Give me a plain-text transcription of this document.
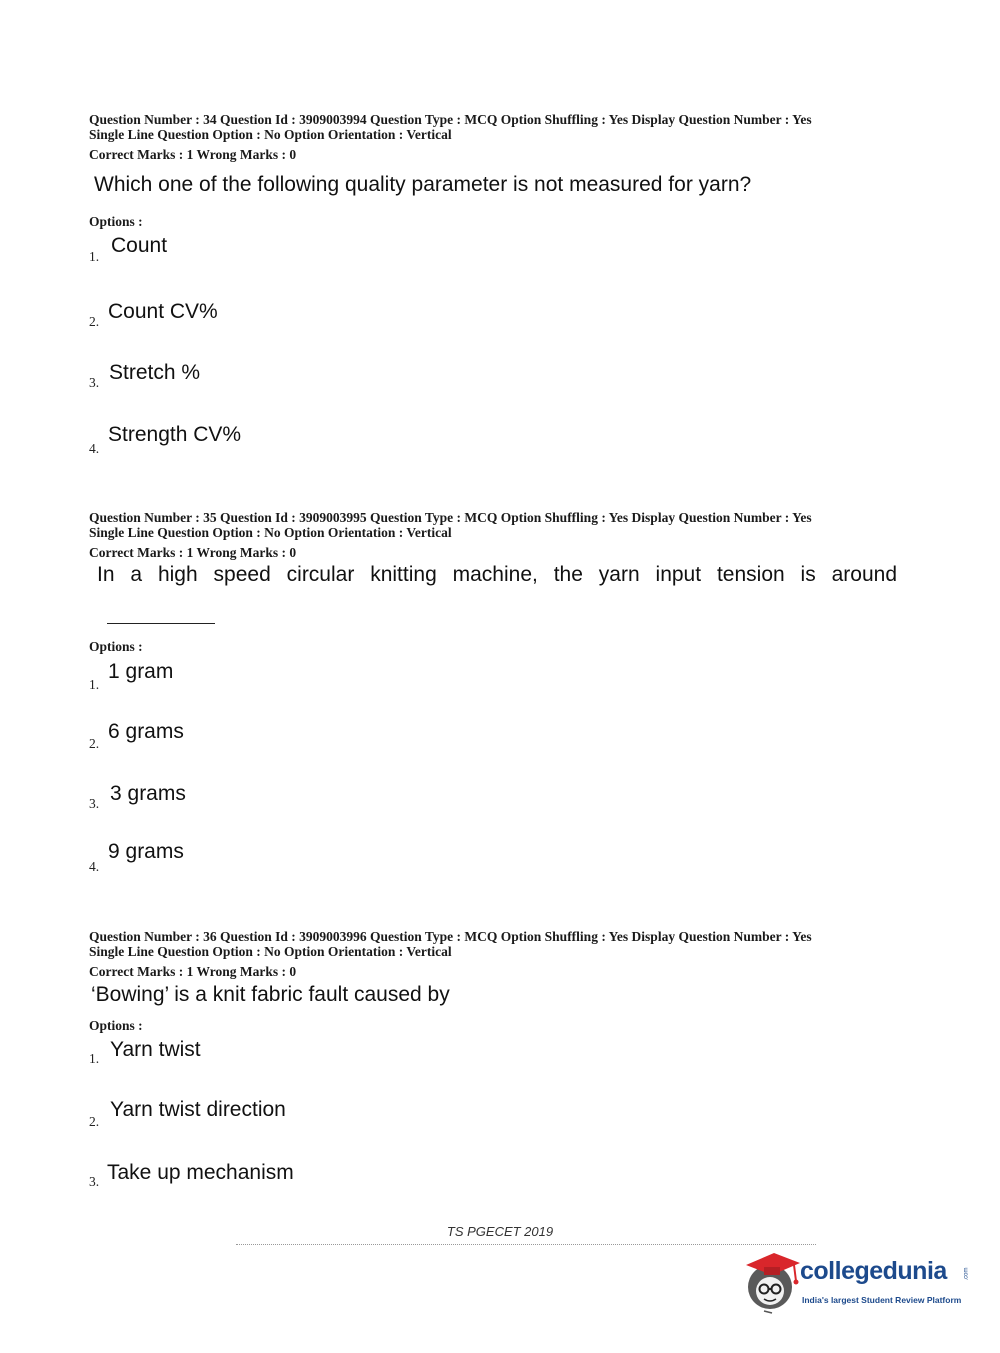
Question Number : 34 Question Id : 3909003994 Question Type : MCQ Option Shuffling : Yes Display Question Number : Yes
Single Line Question Option : No Option Orientation : Vertical
Correct Marks : 1 Wrong Marks : 0
Which one of the following quality parameter is not measured for yarn?
Options :
1. Count
2. Count CV%
3. Stretch %
4.
Strength CV%
Question Number : 35 Question Id : 3909003995 Question Type : MCQ Option Shuffling : Yes Display Question Number : Yes
Single Line Question Option : No Option Orientation : Vertical
Correct Marks : 1 Wrong Marks : 0
In a high speed circular knitting machine, the yarn input tension is around
Options :
1.
1 gram
2.
6 grams
3. 3 grams
4.
9 grams
Question Number : 36 Question Id : 3909003996 Question Type : MCQ Option Shuffling : Yes Display Question Number : Yes
Single Line Question Option : No Option Orientation : Vertical
Correct Marks : 1 Wrong Marks : 0
‘Bowing’ is a knit fabric fault caused by
Options :
1. Yarn twist
2.
Yarn twist direction
3. Take up mechanism
TS PGECET 2019
collegedunia	.com
India's largest Student Review Platform
